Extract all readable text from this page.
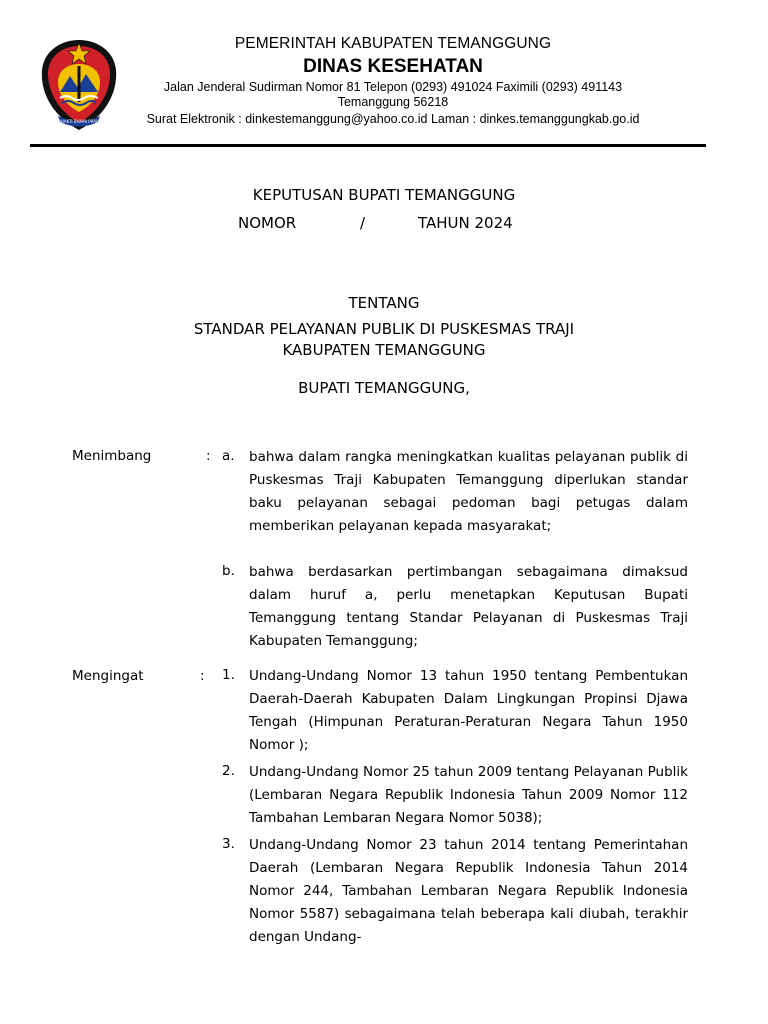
BHAKTI BHAMI PRAJA
PEMERINTAH KABUPATEN TEMANGGUNG
DINAS KESEHATAN
Jalan Jenderal Sudirman Nomor 81 Telepon (0293) 491024 Faximili (0293) 491143
Temanggung 56218
Surat Elektronik : dinkestemanggung@yahoo.co.id Laman : dinkes.temanggungkab.go.id
KEPUTUSAN BUPATI TEMANGGUNG
NOMOR	/	TAHUN 2024
TENTANG
STANDAR PELAYANAN PUBLIK DI PUSKESMAS TRAJI
KABUPATEN TEMANGGUNG
BUPATI TEMANGGUNG,
Menimbang	: a. bahwa dalam rangka meningkatkan kualitas pelayanan publik di Puskesmas Traji Kabupaten Temanggung diperlukan standar baku pelayanan sebagai pedoman bagi petugas dalam memberikan pelayanan kepada masyarakat;
b. bahwa berdasarkan pertimbangan sebagaimana dimaksud dalam huruf a, perlu menetapkan Keputusan Bupati Temanggung tentang Standar Pelayanan di Puskesmas Traji Kabupaten Temanggung;
Mengingat	: 1. Undang-Undang Nomor 13 tahun 1950 tentang Pembentukan Daerah-Daerah Kabupaten Dalam Lingkungan Propinsi Djawa Tengah (Himpunan Peraturan-Peraturan Negara Tahun 1950 Nomor );
2. Undang-Undang Nomor 25 tahun 2009 tentang Pelayanan Publik (Lembaran Negara Republik Indonesia Tahun 2009 Nomor 112 Tambahan Lembaran Negara Nomor 5038);
3. Undang-Undang Nomor 23 tahun 2014 tentang Pemerintahan Daerah (Lembaran Negara Republik Indonesia Tahun 2014 Nomor 244, Tambahan Lembaran Negara Republik Indonesia Nomor 5587) sebagaimana telah beberapa kali diubah, terakhir dengan Undang-
